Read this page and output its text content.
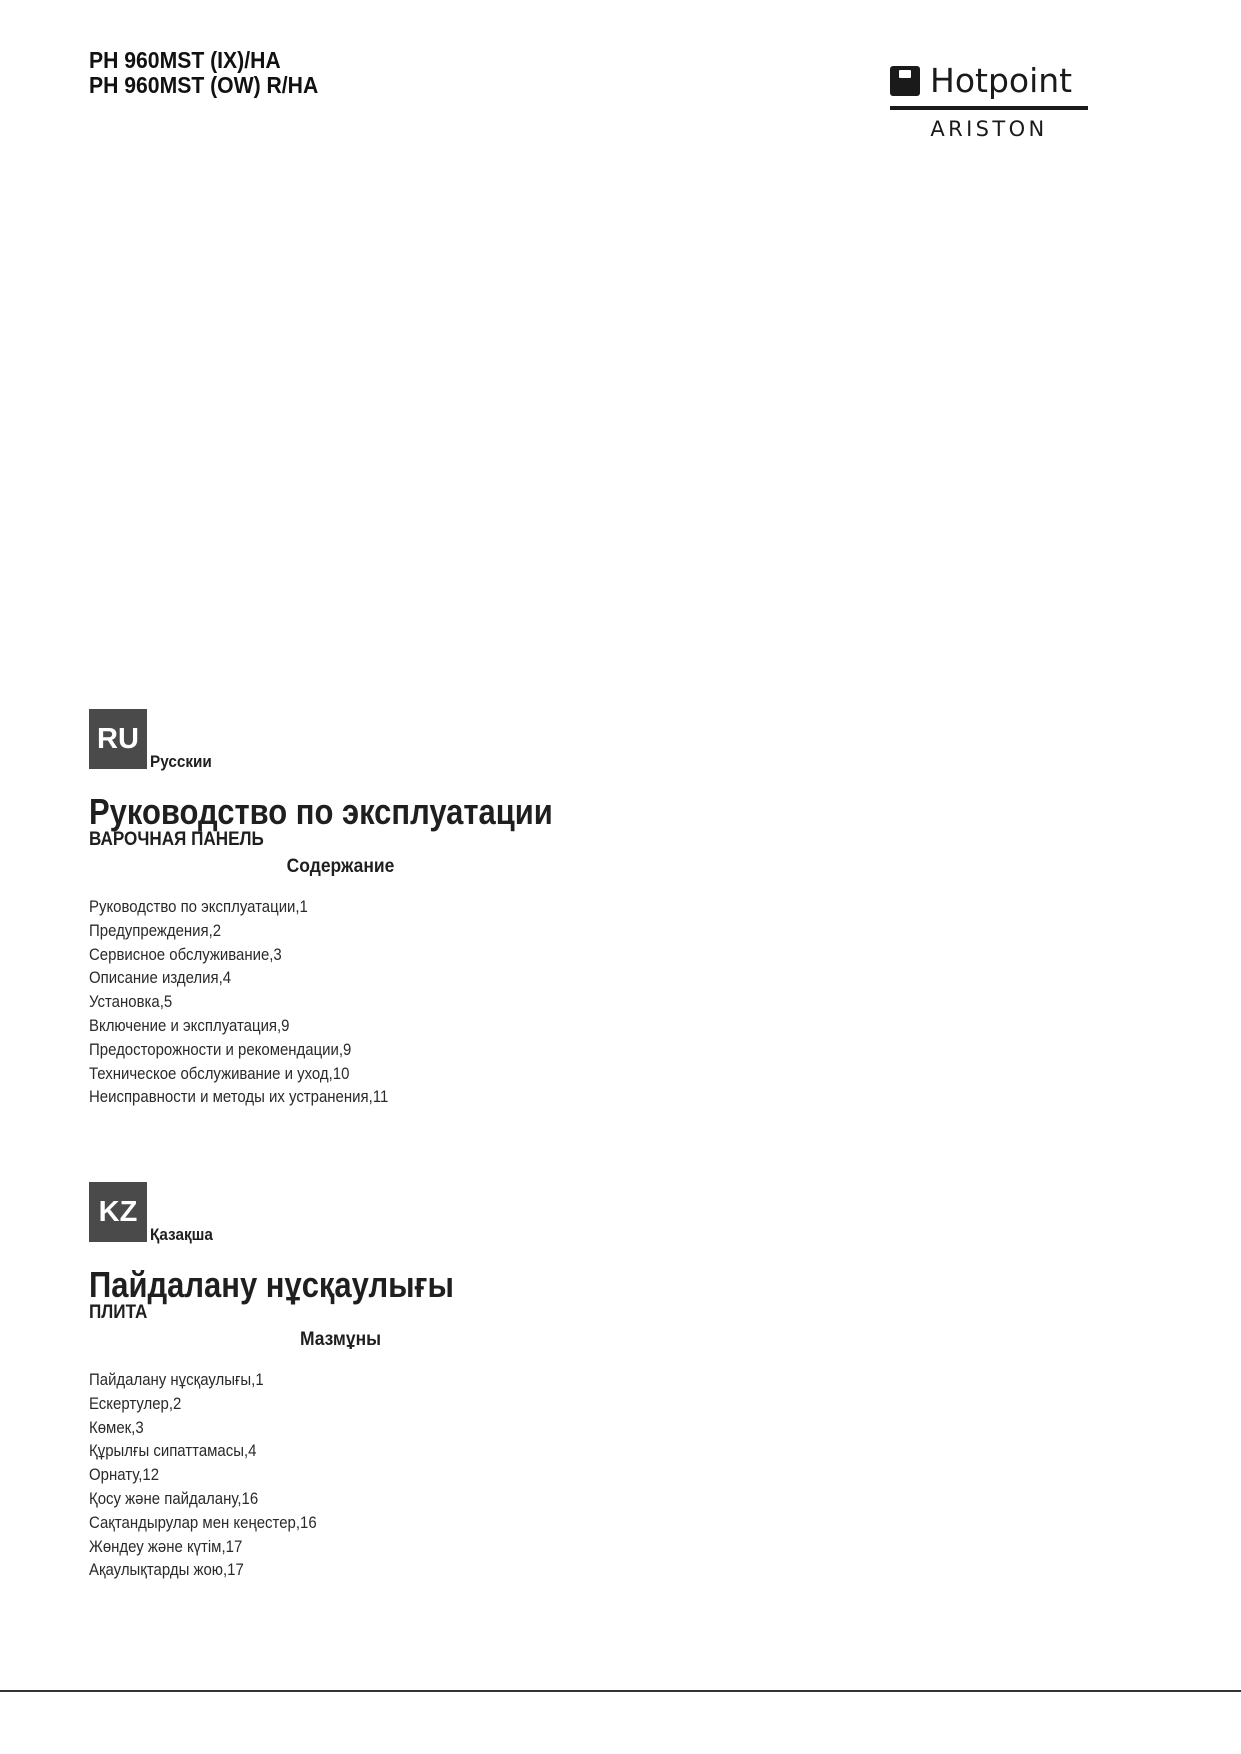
PH 960MST (IX)/HA
PH 960MST (OW) R/HA	Hotpoint
ARISTON
RU
Русскии
Руководство по эксплуатации
ВАРОЧНАЯ ПАНЕЛЬ
Содержание
Руководство по эксплуатации,1
Предупреждения,2
Сервисное обслуживание,3
Описание изделия,4
Установка,5
Включение и эксплуатация,9
Предосторожности и рекомендации,9
Техническое обслуживание и уход,10
Неисправности и методы их устранения,11
KZ
Қазақша
Пайдалану нұсқаулығы
ПЛИТА
Мазмұны
Пайдалану нұсқаулығы,1
Ескертулер,2
Көмек,3
Құрылғы сипаттамасы,4
Орнату,12
Қосу және пайдалану,16
Сақтандырулар мен кеңестер,16
Жөндеу және күтім,17
Ақаулықтарды жою,17
